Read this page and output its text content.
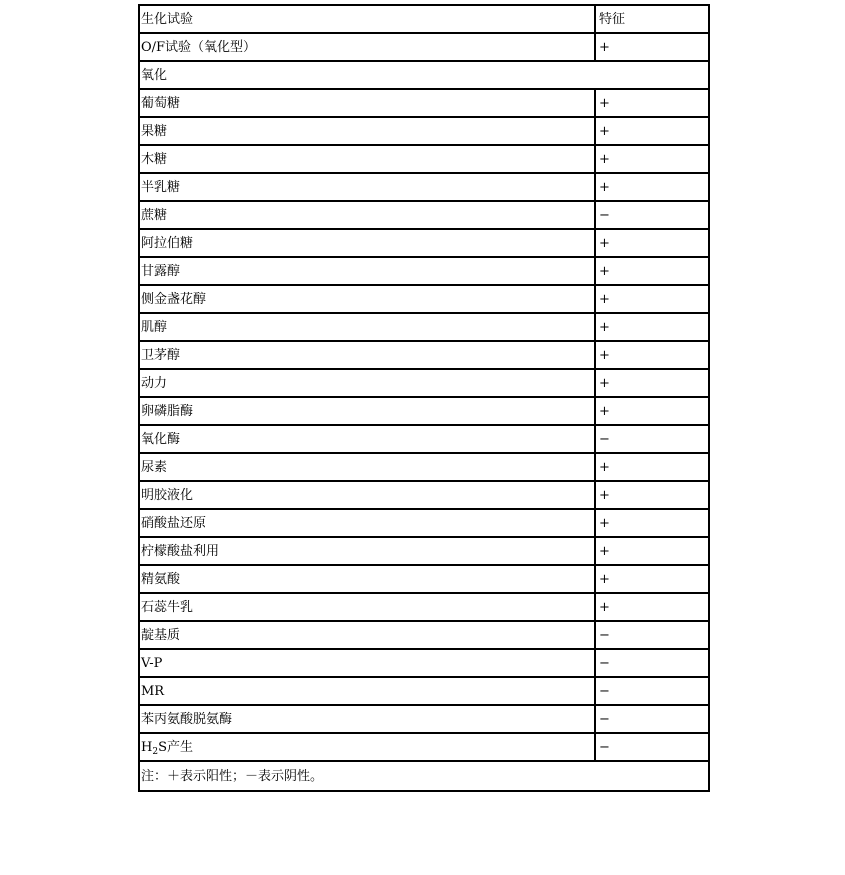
生化试验	特征
O/F试验（氧化型）	+
氧化	
葡萄糖	+
果糖	+
木糖	+
半乳糖	+
蔗糖	−
阿拉伯糖	+
甘露醇	+
侧金盏花醇	+
肌醇	+
卫茅醇	+
动力	+
卵磷脂酶	+
氧化酶	−
尿素	+
明胶液化	+
硝酸盐还原	+
柠檬酸盐利用	+
精氨酸	+
石蕊牛乳	+
靛基质	−
V-P	−
MR	−
苯丙氨酸脱氨酶	−
$H_2S$产生	−
注：＋表示阳性；－表示阴性。	
